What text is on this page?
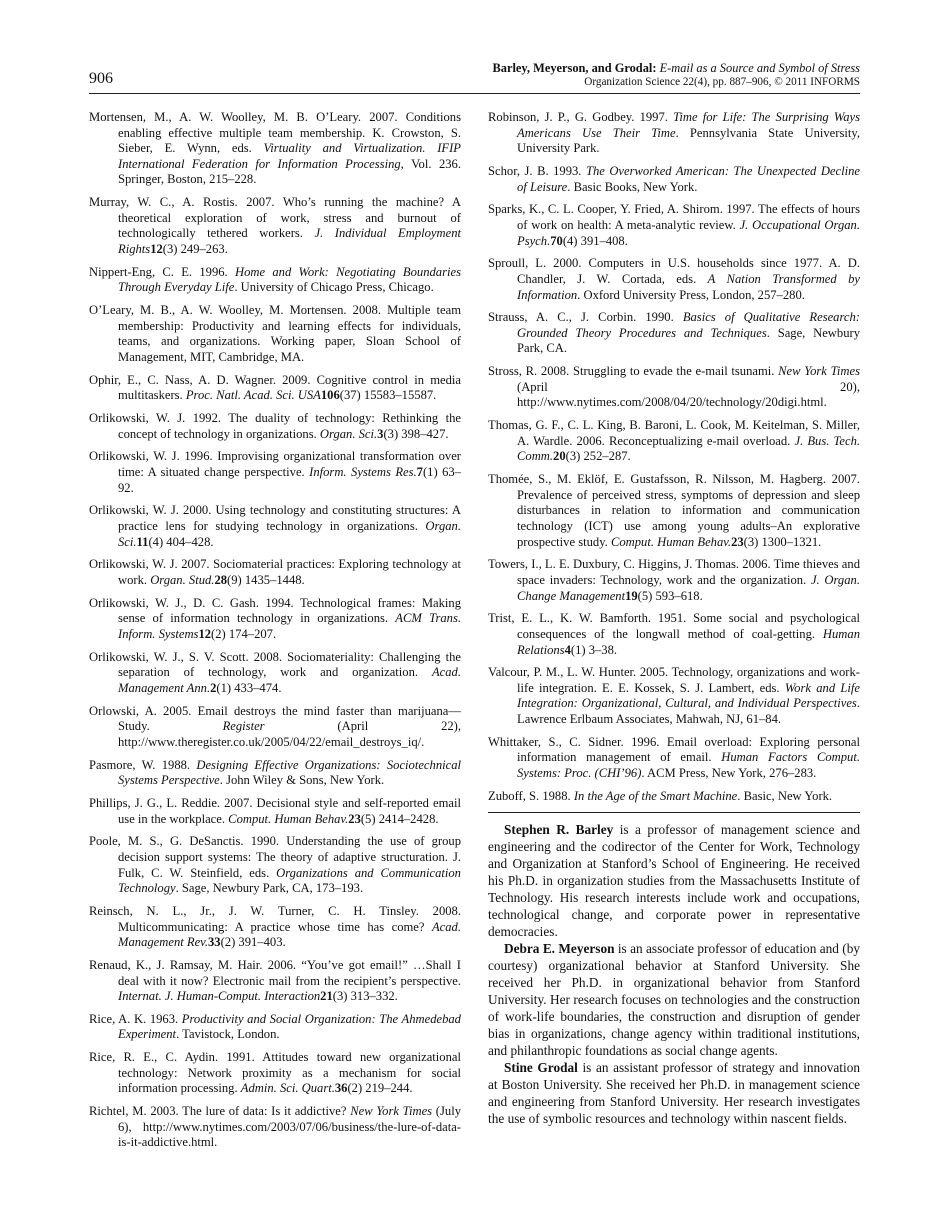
906
Barley, Meyerson, and Grodal: E-mail as a Source and Symbol of Stress
Organization Science 22(4), pp. 887–906, © 2011 INFORMS

Mortensen, M., A. W. Woolley, M. B. O’Leary. 2007. Conditions enabling effective multiple team membership. K. Crowston, S. Sieber, E. Wynn, eds. Virtuality and Virtualization. IFIP International Federation for Information Processing, Vol. 236. Springer, Boston, 215–228.

Murray, W. C., A. Rostis. 2007. Who’s running the machine? A theoretical exploration of work, stress and burnout of technologically tethered workers. J. Individual Employment Rights12(3) 249–263.

Nippert-Eng, C. E. 1996. Home and Work: Negotiating Boundaries Through Everyday Life. University of Chicago Press, Chicago.

O’Leary, M. B., A. W. Woolley, M. Mortensen. 2008. Multiple team membership: Productivity and learning effects for individuals, teams, and organizations. Working paper, Sloan School of Management, MIT, Cambridge, MA.

Ophir, E., C. Nass, A. D. Wagner. 2009. Cognitive control in media multitaskers. Proc. Natl. Acad. Sci. USA106(37) 15583–15587.

Orlikowski, W. J. 1992. The duality of technology: Rethinking the concept of technology in organizations. Organ. Sci.3(3) 398–427.

Orlikowski, W. J. 1996. Improvising organizational transformation over time: A situated change perspective. Inform. Systems Res.7(1) 63–92.

Orlikowski, W. J. 2000. Using technology and constituting structures: A practice lens for studying technology in organizations. Organ. Sci.11(4) 404–428.

Orlikowski, W. J. 2007. Sociomaterial practices: Exploring technology at work. Organ. Stud.28(9) 1435–1448.

Orlikowski, W. J., D. C. Gash. 1994. Technological frames: Making sense of information technology in organizations. ACM Trans. Inform. Systems12(2) 174–207.

Orlikowski, W. J., S. V. Scott. 2008. Sociomateriality: Challenging the separation of technology, work and organization. Acad. Management Ann.2(1) 433–474.

Orlowski, A. 2005. Email destroys the mind faster than marijuana—Study. Register (April 22), http://www.theregister.co.uk/2005/04/22/email_destroys_iq/.

Pasmore, W. 1988. Designing Effective Organizations: Sociotechnical Systems Perspective. John Wiley & Sons, New York.

Phillips, J. G., L. Reddie. 2007. Decisional style and self-reported email use in the workplace. Comput. Human Behav.23(5) 2414–2428.

Poole, M. S., G. DeSanctis. 1990. Understanding the use of group decision support systems: The theory of adaptive structuration. J. Fulk, C. W. Steinfield, eds. Organizations and Communication Technology. Sage, Newbury Park, CA, 173–193.

Reinsch, N. L., Jr., J. W. Turner, C. H. Tinsley. 2008. Multicommunicating: A practice whose time has come? Acad. Management Rev.33(2) 391–403.

Renaud, K., J. Ramsay, M. Hair. 2006. “You’ve got email!” …Shall I deal with it now? Electronic mail from the recipient’s perspective. Internat. J. Human-Comput. Interaction21(3) 313–332.

Rice, A. K. 1963. Productivity and Social Organization: The Ahmedebad Experiment. Tavistock, London.

Rice, R. E., C. Aydin. 1991. Attitudes toward new organizational technology: Network proximity as a mechanism for social information processing. Admin. Sci. Quart.36(2) 219–244.

Richtel, M. 2003. The lure of data: Is it addictive? New York Times (July 6), http://www.nytimes.com/2003/07/06/business/the-lure-of-data-is-it-addictive.html.

Robinson, J. P., G. Godbey. 1997. Time for Life: The Surprising Ways Americans Use Their Time. Pennsylvania State University, University Park.

Schor, J. B. 1993. The Overworked American: The Unexpected Decline of Leisure. Basic Books, New York.

Sparks, K., C. L. Cooper, Y. Fried, A. Shirom. 1997. The effects of hours of work on health: A meta-analytic review. J. Occupational Organ. Psych.70(4) 391–408.

Sproull, L. 2000. Computers in U.S. households since 1977. A. D. Chandler, J. W. Cortada, eds. A Nation Transformed by Information. Oxford University Press, London, 257–280.

Strauss, A. C., J. Corbin. 1990. Basics of Qualitative Research: Grounded Theory Procedures and Techniques. Sage, Newbury Park, CA.

Stross, R. 2008. Struggling to evade the e-mail tsunami. New York Times (April 20), http://www.nytimes.com/2008/04/20/technology/20digi.html.

Thomas, G. F., C. L. King, B. Baroni, L. Cook, M. Keitelman, S. Miller, A. Wardle. 2006. Reconceptualizing e-mail overload. J. Bus. Tech. Comm.20(3) 252–287.

Thomée, S., M. Eklöf, E. Gustafsson, R. Nilsson, M. Hagberg. 2007. Prevalence of perceived stress, symptoms of depression and sleep disturbances in relation to information and communication technology (ICT) use among young adults–An explorative prospective study. Comput. Human Behav.23(3) 1300–1321.

Towers, I., L. E. Duxbury, C. Higgins, J. Thomas. 2006. Time thieves and space invaders: Technology, work and the organization. J. Organ. Change Management19(5) 593–618.

Trist, E. L., K. W. Bamforth. 1951. Some social and psychological consequences of the longwall method of coal-getting. Human Relations4(1) 3–38.

Valcour, P. M., L. W. Hunter. 2005. Technology, organizations and work-life integration. E. E. Kossek, S. J. Lambert, eds. Work and Life Integration: Organizational, Cultural, and Individual Perspectives. Lawrence Erlbaum Associates, Mahwah, NJ, 61–84.

Whittaker, S., C. Sidner. 1996. Email overload: Exploring personal information management of email. Human Factors Comput. Systems: Proc. (CHI’96). ACM Press, New York, 276–283.

Zuboff, S. 1988. In the Age of the Smart Machine. Basic, New York.

Stephen R. Barley is a professor of management science and engineering and the codirector of the Center for Work, Technology and Organization at Stanford’s School of Engineering. He received his Ph.D. in organization studies from the Massachusetts Institute of Technology. His research interests include work and occupations, technological change, and corporate power in representative democracies.

Debra E. Meyerson is an associate professor of education and (by courtesy) organizational behavior at Stanford University. She received her Ph.D. in organizational behavior from Stanford University. Her research focuses on technologies and the construction of work-life boundaries, the construction and disruption of gender bias in organizations, change agency within traditional institutions, and philanthropic foundations as social change agents.

Stine Grodal is an assistant professor of strategy and innovation at Boston University. She received her Ph.D. in management science and engineering from Stanford University. Her research investigates the use of symbolic resources and technology within nascent fields.
